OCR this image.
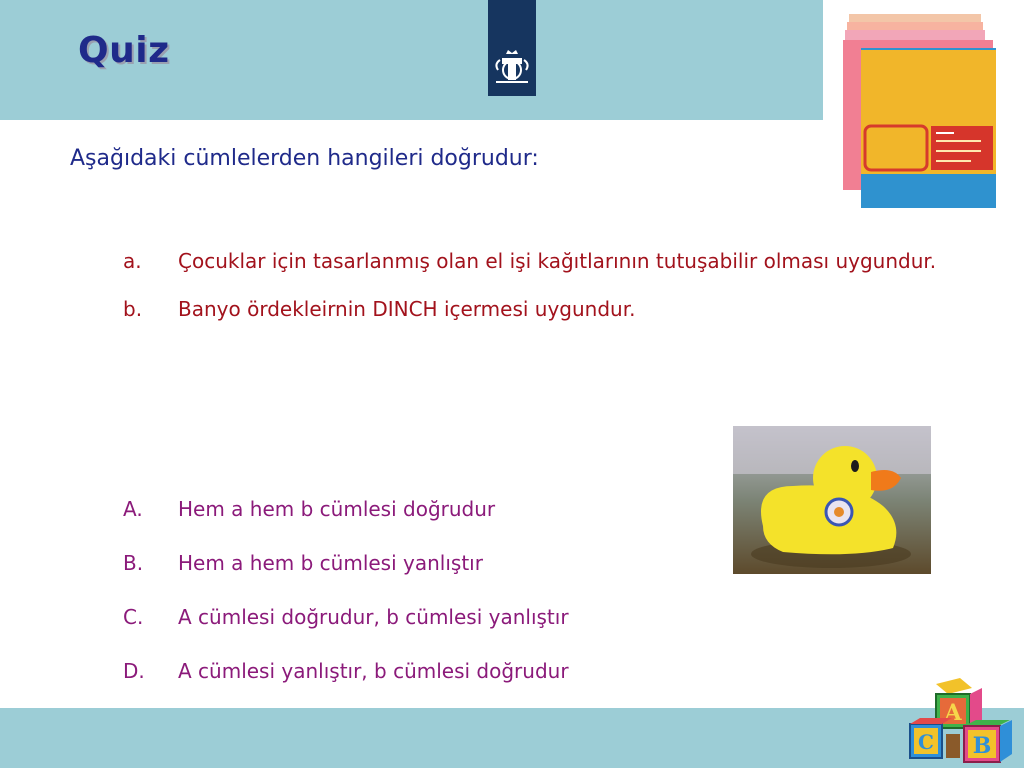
Quiz

Aşağıdaki cümlelerden hangileri doğrudur:

a.	Çocuklar için tasarlanmış olan el işi kağıtlarının tutuşabilir olması uygundur.
b.	Banyo ördekleirnin DINCH içermesi uygundur.
A.	Hem a hem b cümlesi doğrudur
B.	Hem a hem b cümlesi yanlıştır
C.	A cümlesi doğrudur, b cümlesi yanlıştır
D.	A cümlesi yanlıştır, b cümlesi doğrudur
A
C B
